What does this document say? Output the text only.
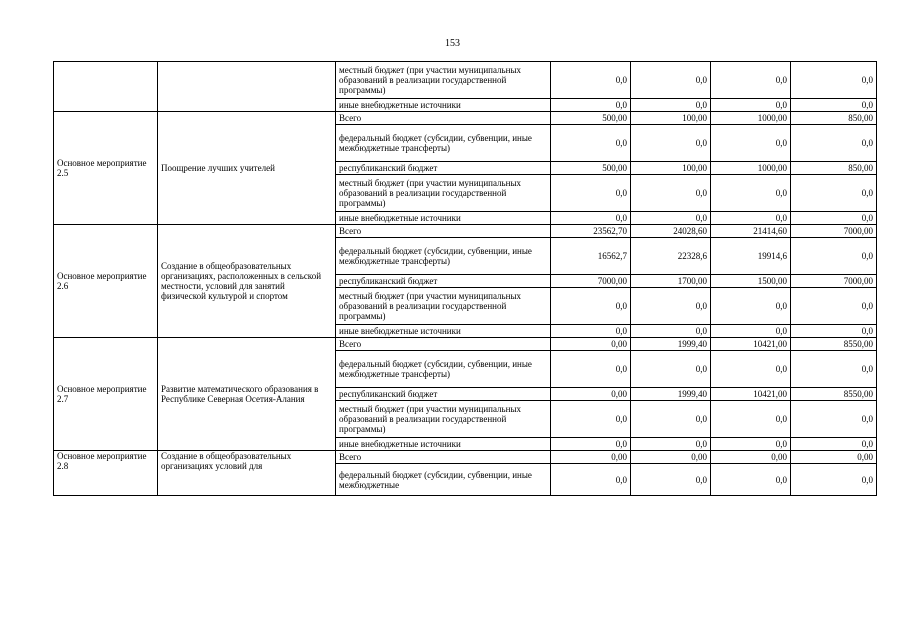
153
		местный бюджет (при участии муниципальных образований в реализации государственной программы)	0,0	0,0	0,0	0,0
		иные внебюджетные источники	0,0	0,0	0,0	0,0
Основное мероприятие 2.5	Поощрение лучших учителей	Всего	500,00	100,00	1000,00	850,00
		федеральный бюджет (субсидии, субвенции, иные межбюджетные трансферты)	0,0	0,0	0,0	0,0
		республиканский бюджет	500,00	100,00	1000,00	850,00
		местный бюджет (при участии муниципальных образований в реализации государственной программы)	0,0	0,0	0,0	0,0
		иные внебюджетные источники	0,0	0,0	0,0	0,0
Основное мероприятие 2.6	Создание в общеобразовательных организациях, расположенных в сельской местности, условий для занятий физической культурой и спортом	Всего	23562,70	24028,60	21414,60	7000,00
		федеральный бюджет (субсидии, субвенции, иные межбюджетные трансферты)	16562,7	22328,6	19914,6	0,0
		республиканский бюджет	7000,00	1700,00	1500,00	7000,00
		местный бюджет (при участии муниципальных образований в реализации государственной программы)	0,0	0,0	0,0	0,0
		иные внебюджетные источники	0,0	0,0	0,0	0,0
Основное мероприятие 2.7	Развитие математического образования в Республике Северная Осетия-Алания	Всего	0,00	1999,40	10421,00	8550,00
		федеральный бюджет (субсидии, субвенции, иные межбюджетные трансферты)	0,0	0,0	0,0	0,0
		республиканский бюджет	0,00	1999,40	10421,00	8550,00
		местный бюджет (при участии муниципальных образований в реализации государственной программы)	0,0	0,0	0,0	0,0
		иные внебюджетные источники	0,0	0,0	0,0	0,0
Основное мероприятие 2.8	Создание в общеобразовательных организациях условий для	Всего	0,00	0,00	0,00	0,00
		федеральный бюджет (субсидии, субвенции, иные межбюджетные	0,0	0,0	0,0	0,0
